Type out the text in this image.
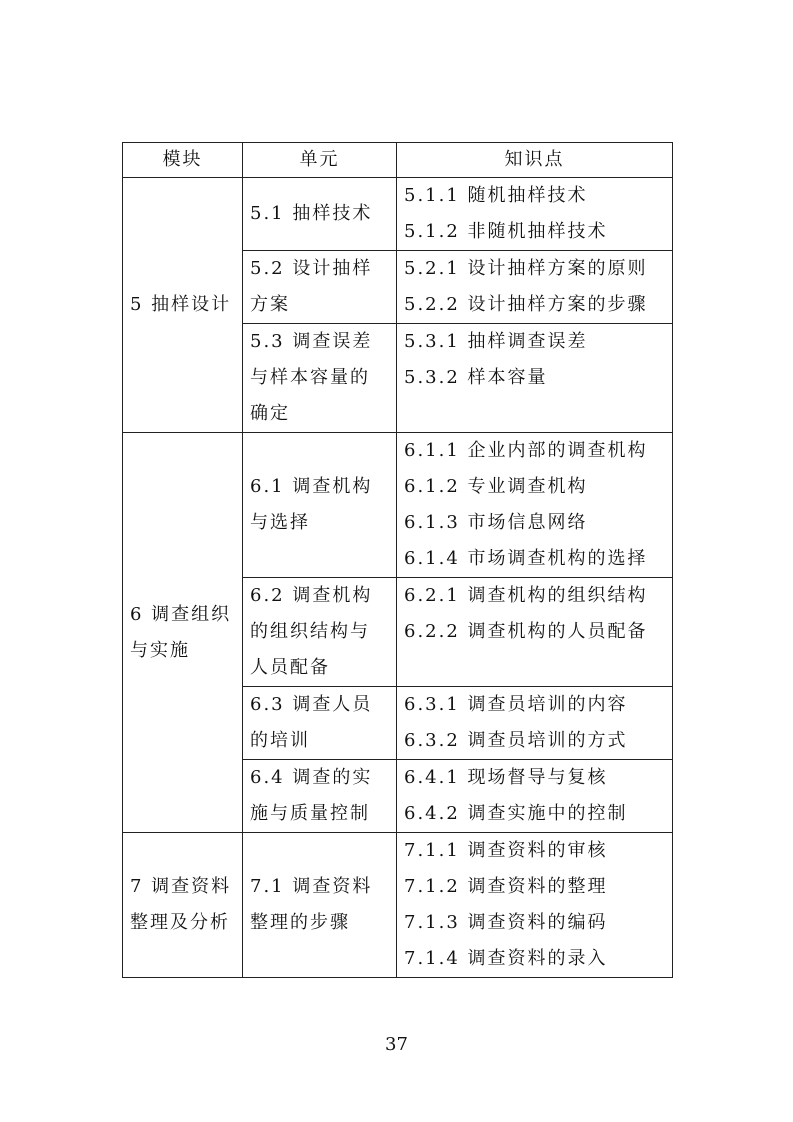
模块	单元	知识点
5 抽样设计	5.1 抽样技术	5.1.1 随机抽样技术
5.1.2 非随机抽样技术

	5.2 设计抽样方案	5.2.1 设计抽样方案的原则
5.2.2 设计抽样方案的步骤

	5.3 调查误差与样本容量的确定	5.3.1 抽样调查误差
5.3.2 样本容量

6 调查组织与实施	6.1 调查机构与选择	6.1.1 企业内部的调查机构
6.1.2 专业调查机构
6.1.3 市场信息网络
6.1.4 市场调查机构的选择

	6.2 调查机构的组织结构与人员配备	6.2.1 调查机构的组织结构
6.2.2 调查机构的人员配备

	6.3 调查人员的培训	6.3.1 调查员培训的内容
6.3.2 调查员培训的方式

	6.4 调查的实施与质量控制	6.4.1 现场督导与复核
6.4.2 调查实施中的控制

7 调查资料整理及分析	7.1 调查资料整理的步骤	7.1.1 调查资料的审核
7.1.2 调查资料的整理
7.1.3 调查资料的编码
7.1.4 调查资料的录入
37
